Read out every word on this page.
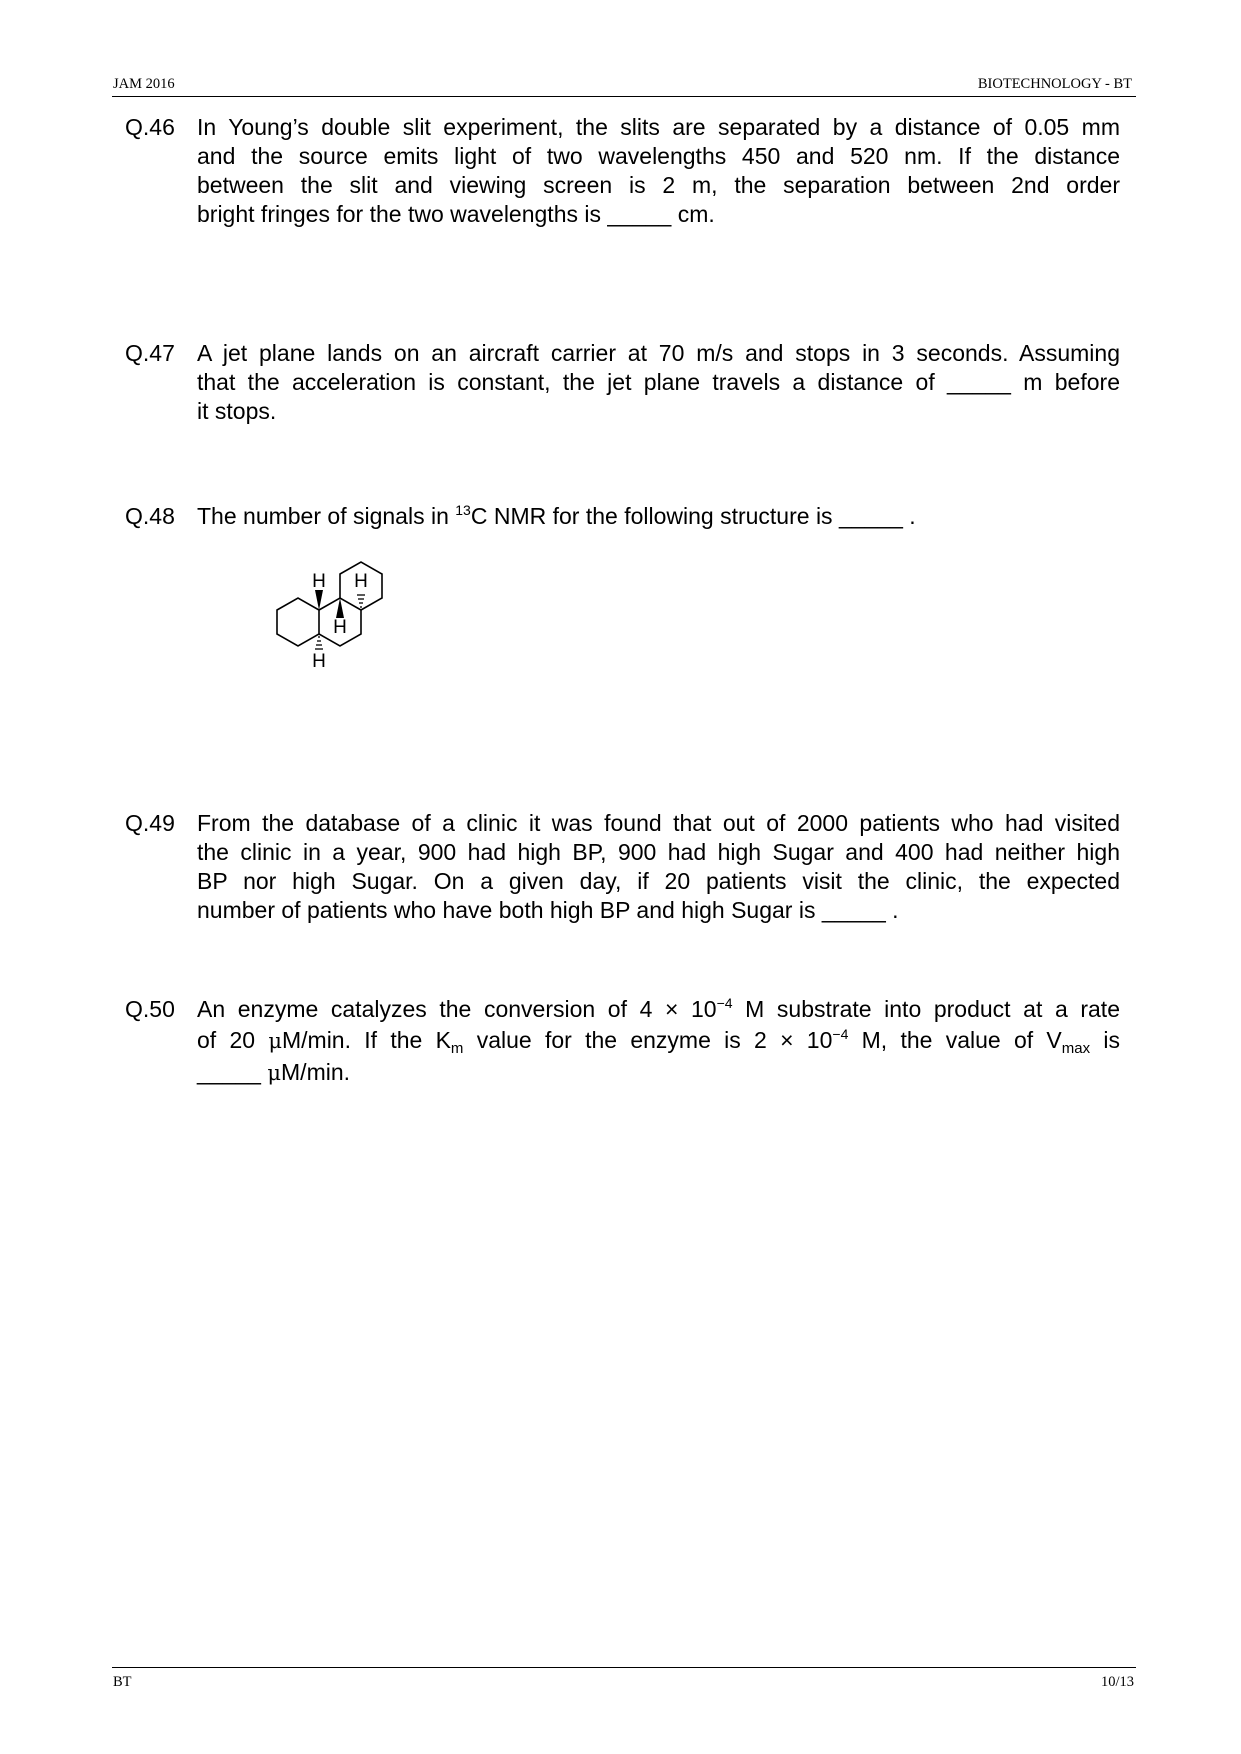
JAM 2016	BIOTECHNOLOGY - BT
Q.46 In Young’s double slit experiment, the slits are separated by a distance of 0.05 mm
and the source emits light of two wavelengths 450 and 520 nm. If the distance
between the slit and viewing screen is 2 m, the separation between 2nd order
bright fringes for the two wavelengths is _____ cm.
Q.47 A jet plane lands on an aircraft carrier at 70 m/s and stops in 3 seconds. Assuming
that the acceleration is constant, the jet plane travels a distance of _____ m before
it stops.
Q.48 The number of signals in $^{13}$C NMR for the following structure is _____ .
H H
H
H
Q.49 From the database of a clinic it was found that out of 2000 patients who had visited
the clinic in a year, 900 had high BP, 900 had high Sugar and 400 had neither high
BP nor high Sugar. On a given day, if 20 patients visit the clinic, the expected
number of patients who have both high BP and high Sugar is _____ .
Q.50 An enzyme catalyzes the conversion of $4 \times 10^{-4}$ M substrate into product at a rate
of 20 μM/min. If the $K_m$ value for the enzyme is $2 \times 10^{-4}$ M, the value of $V_{max}$ is
_____ μM/min.
BT	10/13
